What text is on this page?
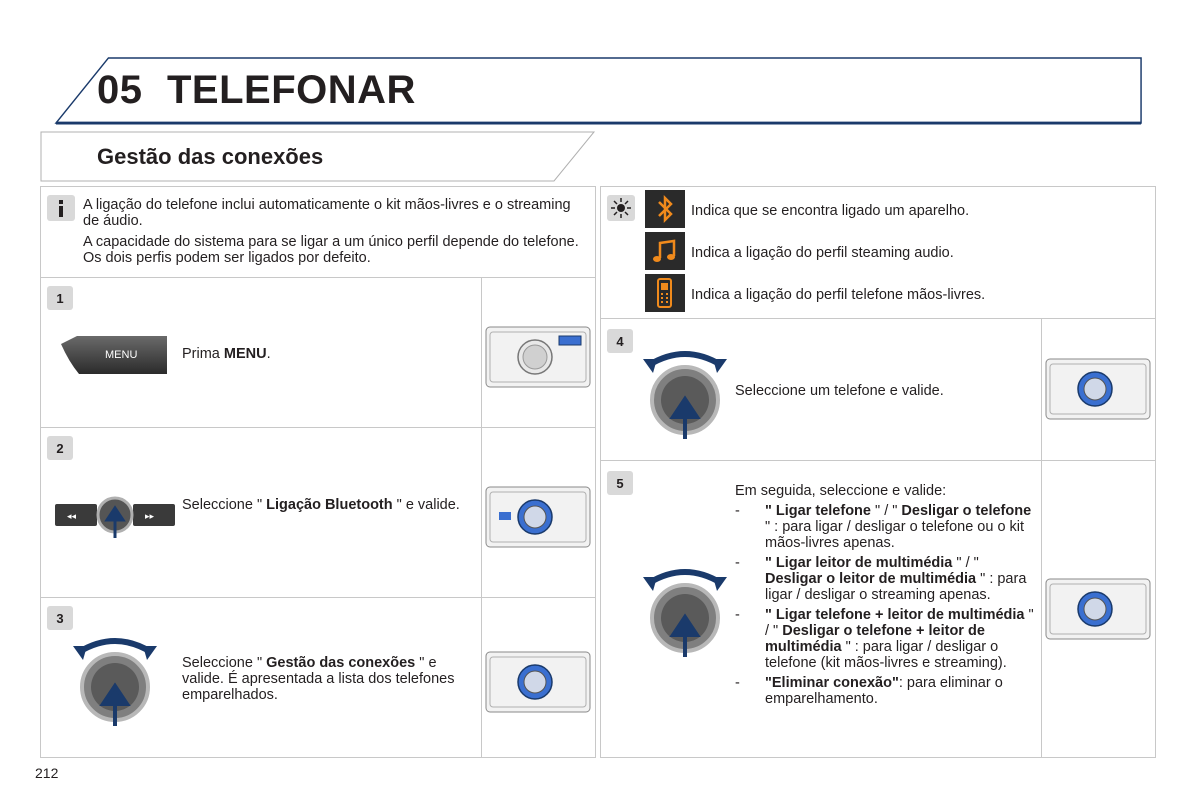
05 TELEFONAR
Gestão das conexões
A ligação do telefone inclui automaticamente o kit mãos-livres e o streaming de áudio.
A capacidade do sistema para se ligar a um único perfil depende do telefone. Os dois perfis podem ser ligados por defeito.
1
MENU	Prima MENU.
2
◂◂	▸▸
Seleccione " Ligação Bluetooth " e valide.
3
Seleccione " Gestão das conexões " e valide. É apresentada a lista dos telefones emparelhados.
Indica que se encontra ligado um aparelho.
Indica a ligação do perfil steaming audio.
Indica a ligação do perfil telefone mãos-livres.
4
Seleccione um telefone e valide.
5	Em seguida, seleccione e valide:
- " Ligar telefone " / " Desligar o telefone " : para ligar / desligar o telefone ou o kit mãos-livres apenas.
- " Ligar leitor de multimédia " / " Desligar o leitor de multimédia " : para ligar / desligar o streaming apenas.
- " Ligar telefone + leitor de multimédia " / " Desligar o telefone + leitor de multimédia " : para ligar / desligar o telefone (kit mãos-livres e streaming).
- "Eliminar conexão": para eliminar o emparelhamento.
212
